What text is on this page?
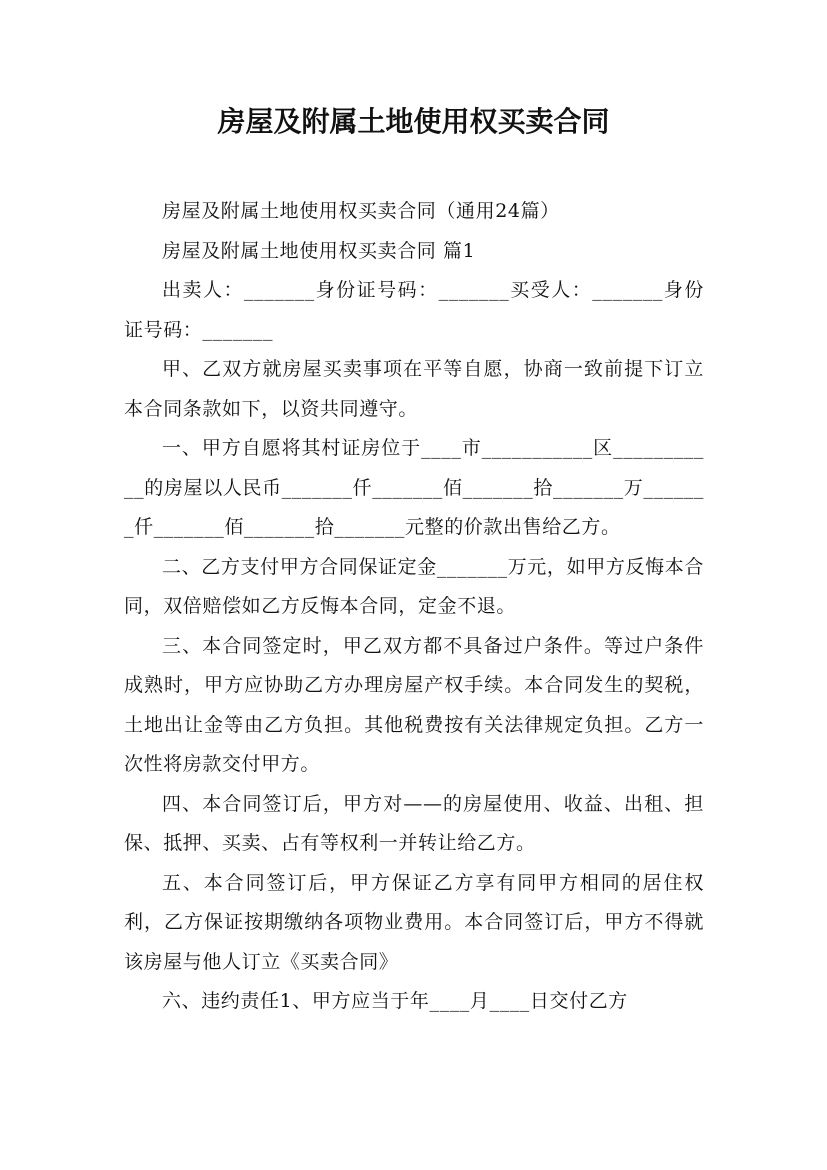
房屋及附属土地使用权买卖合同

房屋及附属土地使用权买卖合同（通用24篇）

房屋及附属土地使用权买卖合同 篇1

出卖人：_______身份证号码：_______买受人：_______身份证号码：_______

甲、乙双方就房屋买卖事项在平等自愿，协商一致前提下订立本合同条款如下，以资共同遵守。

一、甲方自愿将其村证房位于____市___________区___________的房屋以人民币_______仟_______佰_______拾_______万_______仟_______佰_______拾_______元整的价款出售给乙方。

二、乙方支付甲方合同保证定金_______万元，如甲方反悔本合同，双倍赔偿如乙方反悔本合同，定金不退。

三、本合同签定时，甲乙双方都不具备过户条件。等过户条件成熟时，甲方应协助乙方办理房屋产权手续。本合同发生的契税，土地出让金等由乙方负担。其他税费按有关法律规定负担。乙方一次性将房款交付甲方。

四、本合同签订后，甲方对——的房屋使用、收益、出租、担保、抵押、买卖、占有等权利一并转让给乙方。

五、本合同签订后，甲方保证乙方享有同甲方相同的居住权利，乙方保证按期缴纳各项物业费用。本合同签订后，甲方不得就该房屋与他人订立《买卖合同》

六、违约责任1、甲方应当于年____月____日交付乙方
